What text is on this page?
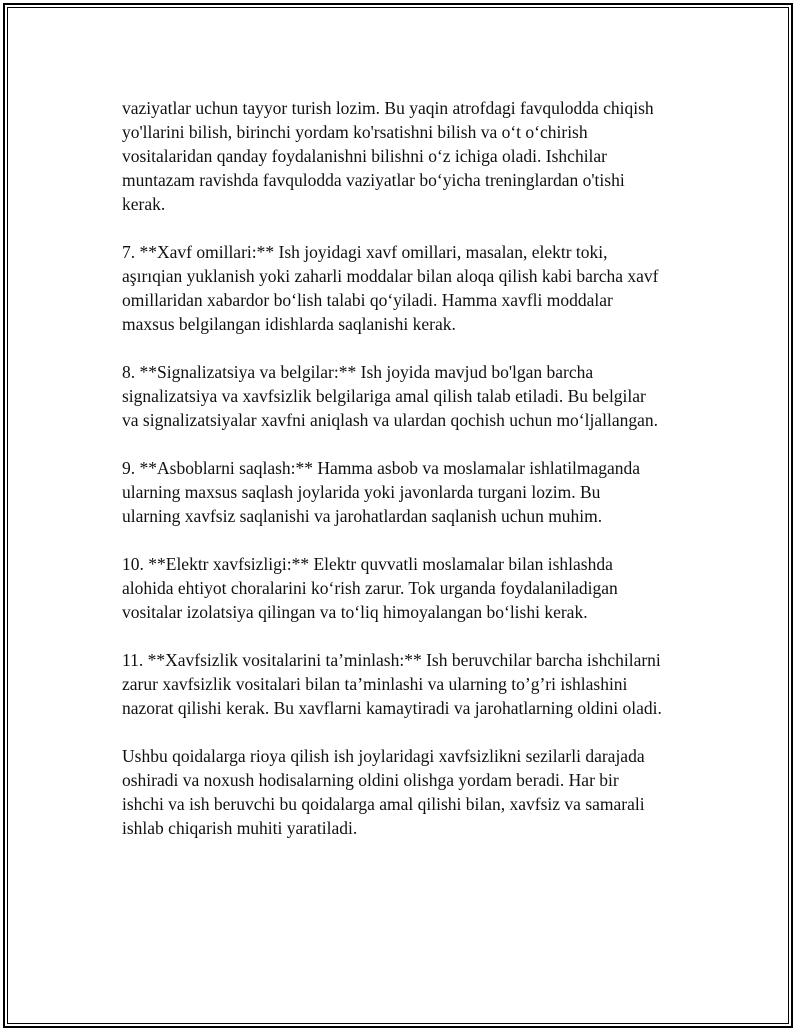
vaziyatlar uchun tayyor turish lozim. Bu yaqin atrofdagi favqulodda chiqish
yo'llarini bilish, birinchi yordam ko'rsatishni bilish va o‘t o‘chirish
vositalaridan qanday foydalanishni bilishni o‘z ichiga oladi. Ishchilar
muntazam ravishda favqulodda vaziyatlar bo‘yicha treninglardan o'tishi
kerak.

7. **Xavf omillari:** Ish joyidagi xavf omillari, masalan, elektr toki,
aşırıqian yuklanish yoki zaharli moddalar bilan aloqa qilish kabi barcha xavf
omillaridan xabardor bo‘lish talabi qo‘yiladi. Hamma xavfli moddalar
maxsus belgilangan idishlarda saqlanishi kerak.

8. **Signalizatsiya va belgilar:** Ish joyida mavjud bo'lgan barcha
signalizatsiya va xavfsizlik belgilariga amal qilish talab etiladi. Bu belgilar
va signalizatsiyalar xavfni aniqlash va ulardan qochish uchun mo‘ljallangan.

9. **Asboblarni saqlash:** Hamma asbob va moslamalar ishlatilmaganda
ularning maxsus saqlash joylarida yoki javonlarda turgani lozim. Bu
ularning xavfsiz saqlanishi va jarohatlardan saqlanish uchun muhim.

10. **Elektr xavfsizligi:** Elektr quvvatli moslamalar bilan ishlashda
alohida ehtiyot choralarini ko‘rish zarur. Tok urganda foydalaniladigan
vositalar izolatsiya qilingan va to‘liq himoyalangan bo‘lishi kerak.

11. **Xavfsizlik vositalarini ta’minlash:** Ish beruvchilar barcha ishchilarni
zarur xavfsizlik vositalari bilan ta’minlashi va ularning to’g’ri ishlashini
nazorat qilishi kerak. Bu xavflarni kamaytiradi va jarohatlarning oldini oladi.

Ushbu qoidalarga rioya qilish ish joylaridagi xavfsizlikni sezilarli darajada
oshiradi va noxush hodisalarning oldini olishga yordam beradi. Har bir
ishchi va ish beruvchi bu qoidalarga amal qilishi bilan, xavfsiz va samarali
ishlab chiqarish muhiti yaratiladi.
